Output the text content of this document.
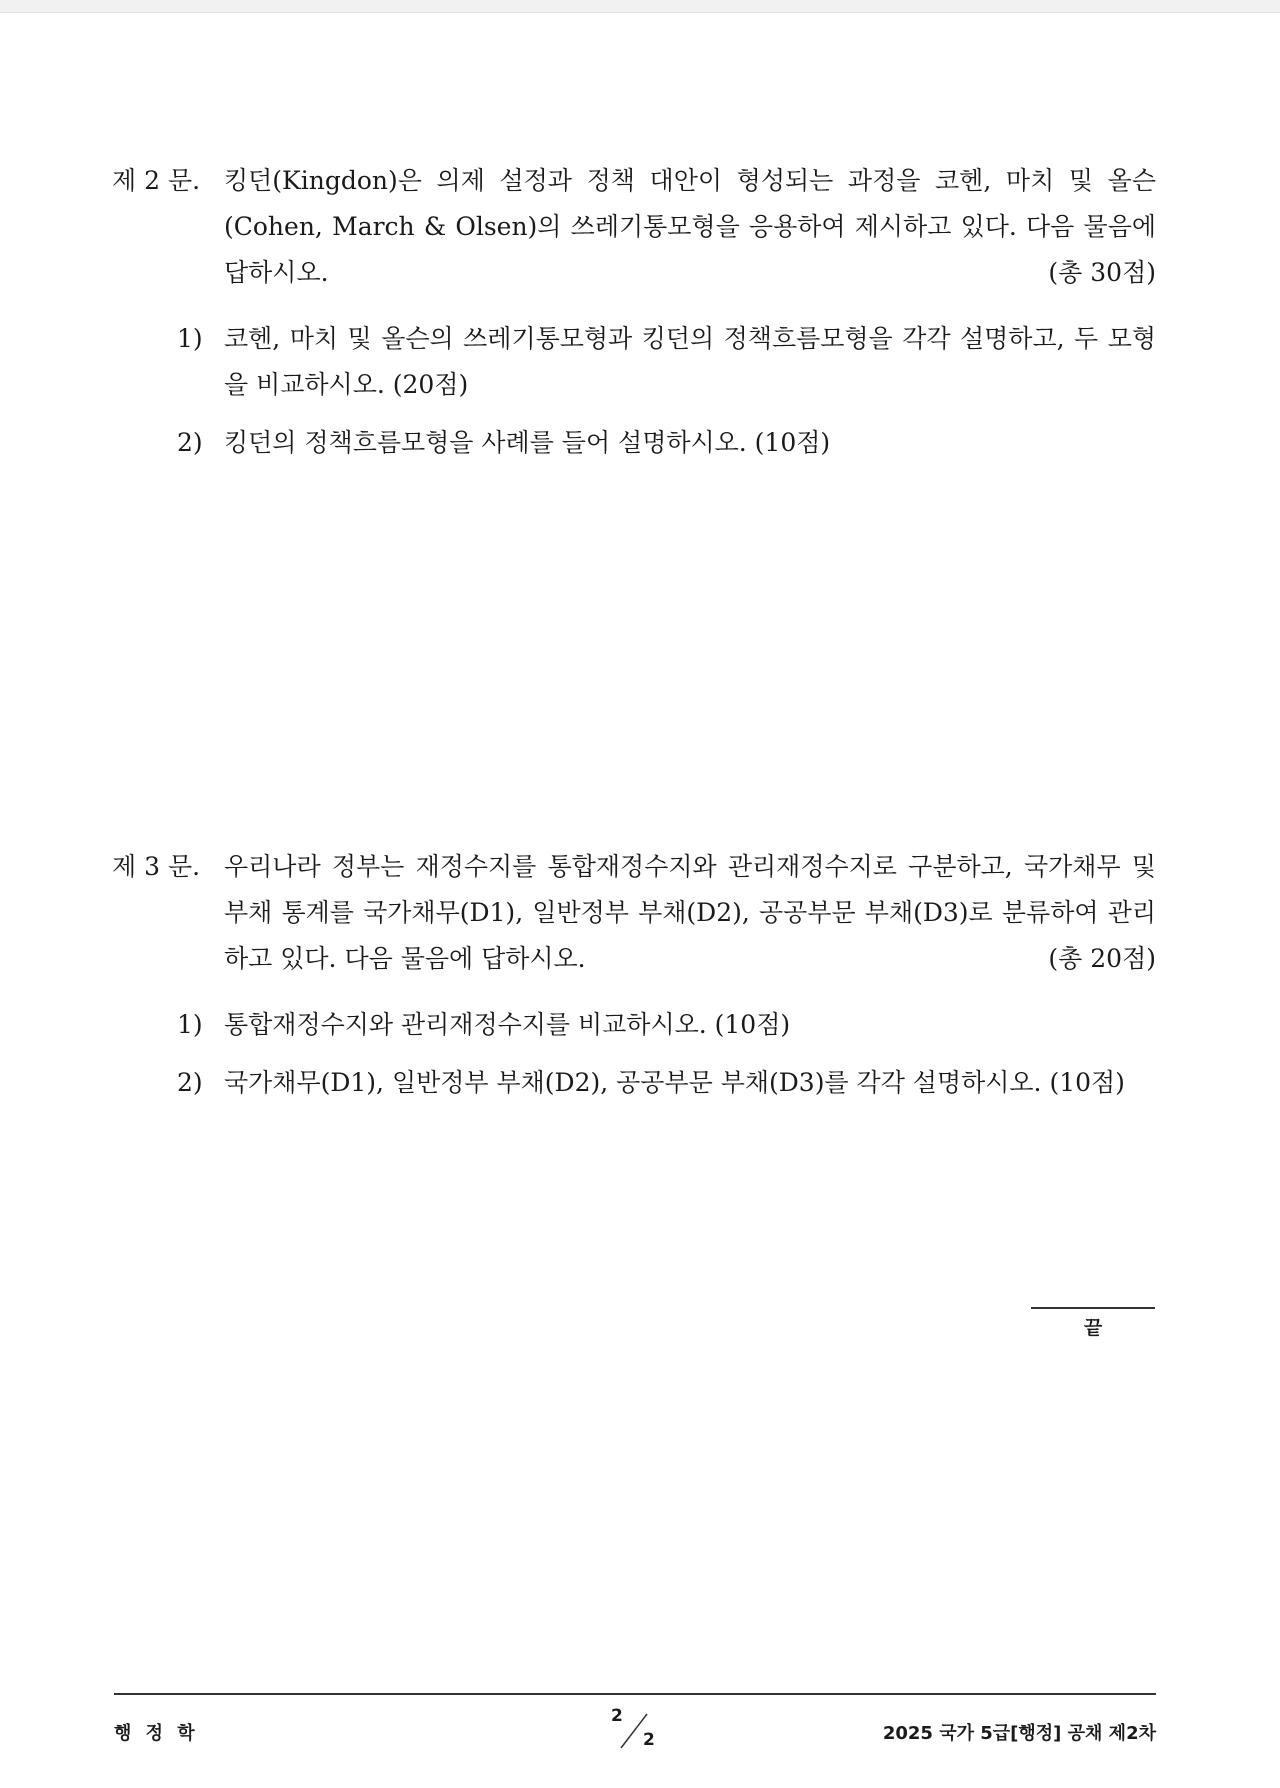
제 2 문. 킹던(Kingdon)은 의제 설정과 정책 대안이 형성되는 과정을 코헨, 마치 및 올슨(Cohen, March & Olsen)의 쓰레기통모형을 응용하여 제시하고 있다. 다음 물음에 답하시오.	(총 30점)
1) 코헨, 마치 및 올슨의 쓰레기통모형과 킹던의 정책흐름모형을 각각 설명하고, 두 모형을 비교하시오. (20점)
2) 킹던의 정책흐름모형을 사례를 들어 설명하시오. (10점)
제 3 문. 우리나라 정부는 재정수지를 통합재정수지와 관리재정수지로 구분하고, 국가채무 및 부채 통계를 국가채무(D1), 일반정부 부채(D2), 공공부문 부채(D3)로 분류하여 관리하고 있다. 다음 물음에 답하시오.	(총 20점)
1) 통합재정수지와 관리재정수지를 비교하시오. (10점)
2) 국가채무(D1), 일반정부 부채(D2), 공공부문 부채(D3)를 각각 설명하시오. (10점)
끝
행 정 학
2
2	2025 국가 5급[행정] 공채 제2차
